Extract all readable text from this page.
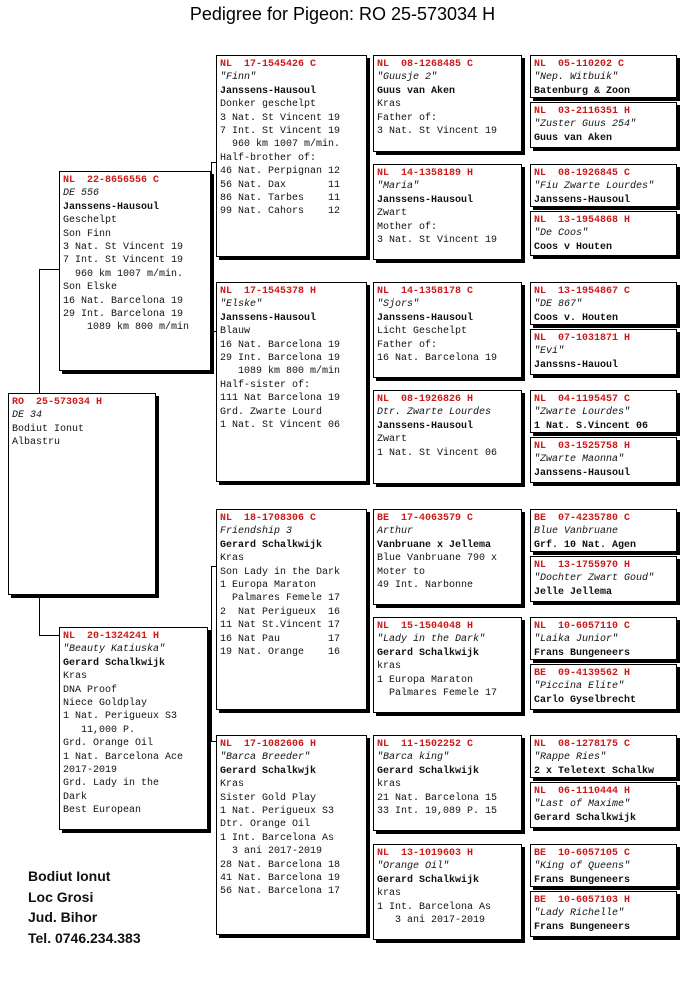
Pedigree for Pigeon: RO 25-573034 H
RO  25-573034 H
DE 34
Bodiut Ionut
Albastru
NL  22-8656556 C
DE 556
Janssens-Hausoul
Geschelpt
Son Finn
3 Nat. St Vincent 19
7 Int. St Vincent 19
960 km 1007 m/min.
Son Elske
16 Nat. Barcelona 19
29 Int. Barcelona 19
1089 km 800 m/min
NL  20-1324241 H
"Beauty Katiuska"
Gerard Schalkwijk
Kras
DNA Proof
Niece Goldplay
1 Nat. Perigueux S3
11,000 P.
Grd. Orange Oil
1 Nat. Barcelona Ace
2017-2019
Grd. Lady in the
Dark
Best European
NL  17-1545426 C
"Finn"
Janssens-Hausoul
Donker geschelpt
3 Nat. St Vincent 19
7 Int. St Vincent 19
960 km 1007 m/min.
Half-brother of:
46 Nat. Perpignan 12
56 Nat. Dax       11
86 Nat. Tarbes    11
99 Nat. Cahors    12
NL  17-1545378 H
"Elske"
Janssens-Hausoul
Blauw
16 Nat. Barcelona 19
29 Int. Barcelona 19
1089 km 800 m/min
Half-sister of:
111 Nat Barcelona 19
Grd. Zwarte Lourd
1 Nat. St Vincent 06
NL  18-1708306 C
Friendship 3
Gerard Schalkwijk
Kras
Son Lady in the Dark
1 Europa Maraton
Palmares Femele 17
2  Nat Perigueux  16
11 Nat St.Vincent 17
16 Nat Pau        17
19 Nat. Orange    16
NL  17-1082606 H
"Barca Breeder"
Gerard Schalkwjk
Kras
Sister Gold Play
1 Nat. Perigueux S3
Dtr. Orange Oil
1 Int. Barcelona As
3 ani 2017-2019
28 Nat. Barcelona 18
41 Nat. Barcelona 19
56 Nat. Barcelona 17
NL  08-1268485 C
"Guusje 2"
Guus van Aken
Kras
Father of:
3 Nat. St Vincent 19
NL  14-1358189 H
"Maria"
Janssens-Hausoul
Zwart
Mother of:
3 Nat. St Vincent 19
NL  14-1358178 C
"Sjors"
Janssens-Hausoul
Licht Geschelpt
Father of:
16 Nat. Barcelona 19
NL  08-1926826 H
Dtr. Zwarte Lourdes
Janssens-Hausoul
Zwart
1 Nat. St Vincent 06
BE  17-4063579 C
Arthur
Vanbruane x Jellema
Blue Vanbruane 790 x
Moter to
49 Int. Narbonne
NL  15-1504048 H
"Lady in the Dark"
Gerard Schalkwijk
kras
1 Europa Maraton
Palmares Femele 17
NL  11-1502252 C
"Barca king"
Gerard Schalkwijk
kras
21 Nat. Barcelona 15
33 Int. 19,089 P. 15
NL  13-1019603 H
"Orange Oil"
Gerard Schalkwijk
kras
1 Int. Barcelona As
3 ani 2017-2019
NL  05-110202 C
"Nep. Witbuik"
Batenburg & Zoon
NL  03-2116351 H
"Zuster Guus 254"
Guus van Aken
NL  08-1926845 C
"Fiu Zwarte Lourdes"
Janssens-Hausoul
NL  13-1954868 H
"De Coos"
Coos v Houten
NL  13-1954867 C
"DE 867"
Coos v. Houten
NL  07-1031871 H
"Evi"
Janssns-Hauoul
NL  04-1195457 C
"Zwarte Lourdes"
1 Nat. S.Vincent 06
NL  03-1525758 H
"Zwarte Maonna"
Janssens-Hausoul
BE  07-4235780 C
Blue Vanbruane
Grf. 10 Nat. Agen
NL  13-1755970 H
"Dochter Zwart Goud"
Jelle Jellema
NL  10-6057110 C
"Laika Junior"
Frans Bungeneers
BE  09-4139562 H
"Piccina Elite"
Carlo Gyselbrecht
NL  08-1278175 C
"Rappe Ries"
2 x Teletext Schalkw
NL  06-1110444 H
"Last of Maxime"
Gerard Schalkwijk
BE  10-6057105 C
"King of Queens"
Frans Bungeneers
BE  10-6057103 H
"Lady Richelle"
Frans Bungeneers
Bodiut Ionut
Loc Grosi
Jud. Bihor
Tel. 0746.234.383
